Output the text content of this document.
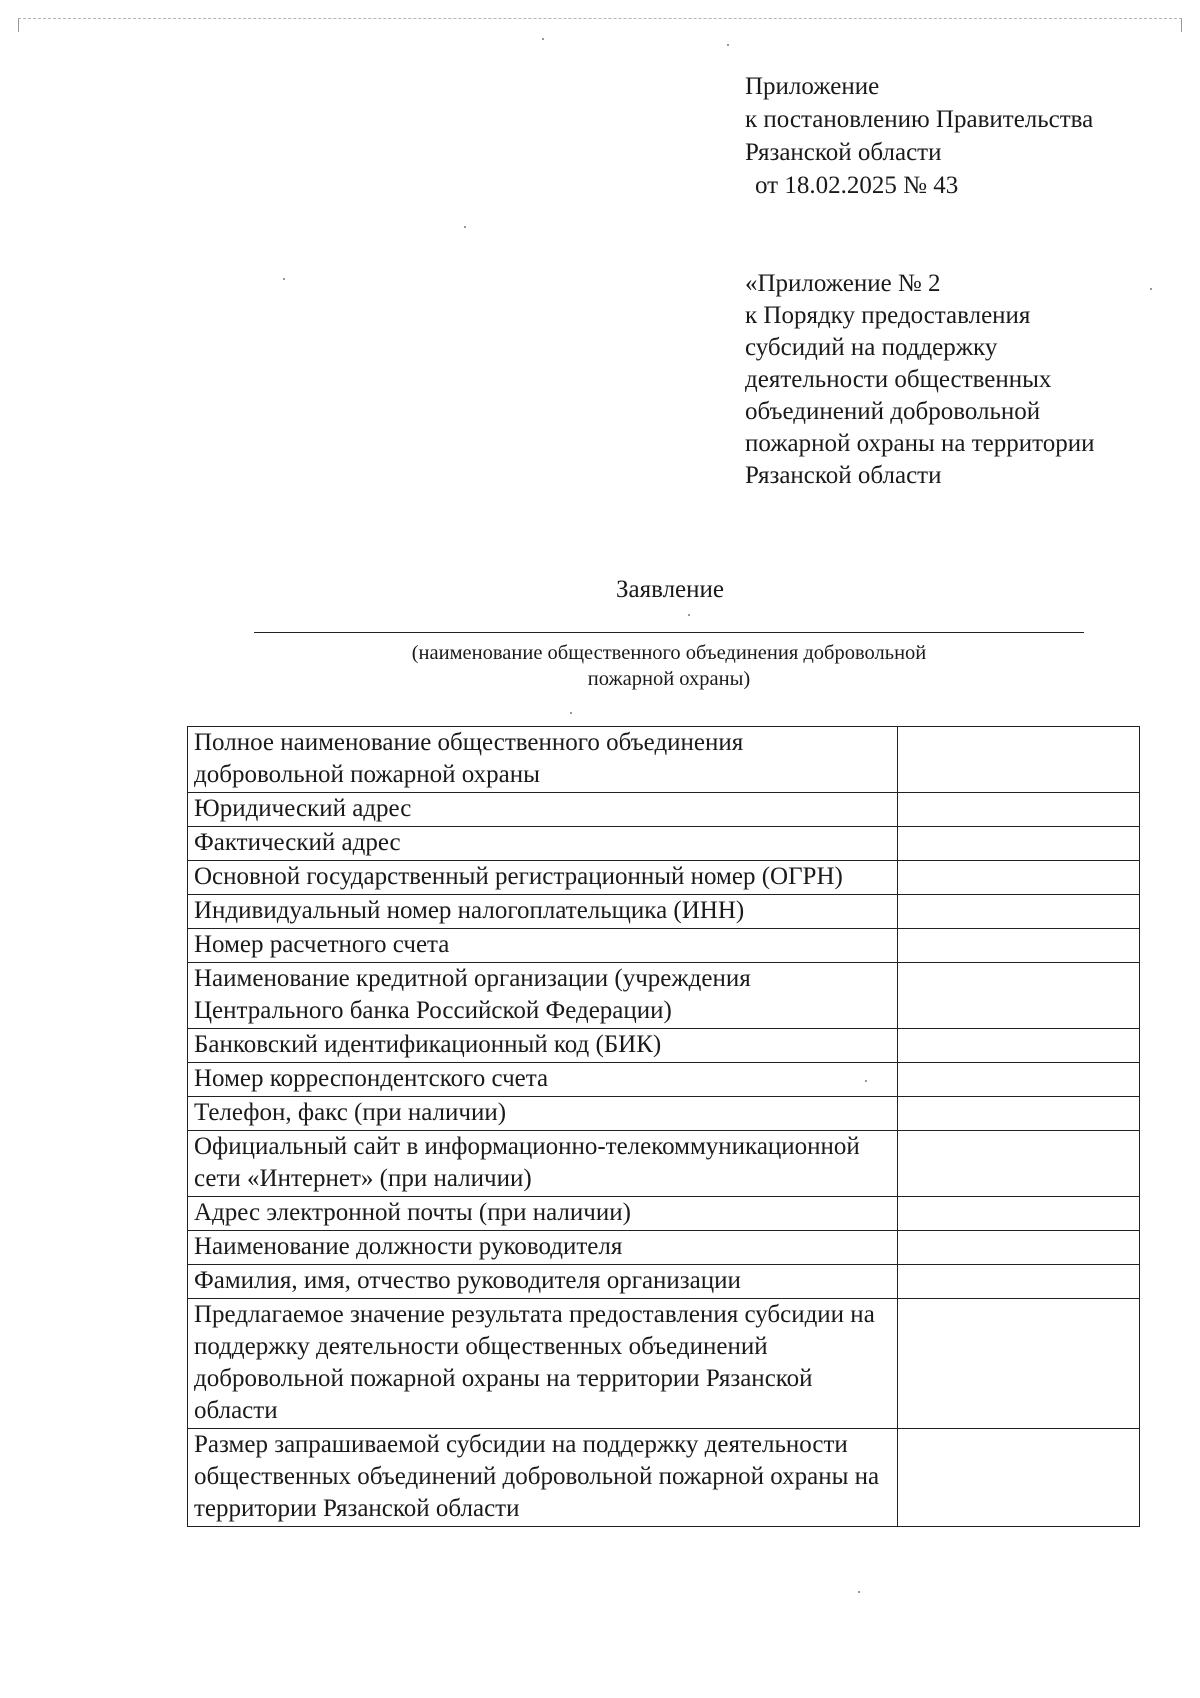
Приложение
к постановлению Правительства
Рязанской области
от 18.02.2025 № 43
«Приложение № 2
к Порядку предоставления
субсидий на поддержку
деятельности общественных
объединений добровольной
пожарной охраны на территории
Рязанской области
Заявление
(наименование общественного объединения добровольной
пожарной охраны)
Полное наименование общественного объединения добровольной пожарной охраны	
Юридический адрес	
Фактический адрес	
Основной государственный регистрационный номер (ОГРН)	
Индивидуальный номер налогоплательщика (ИНН)	
Номер расчетного счета	
Наименование кредитной организации (учреждения Центрального банка Российской Федерации)	
Банковский идентификационный код (БИК)	
Номер корреспондентского счета	
Телефон, факс (при наличии)	
Официальный сайт в информационно-телекоммуникационной сети «Интернет» (при наличии)	
Адрес электронной почты (при наличии)	
Наименование должности руководителя	
Фамилия, имя, отчество руководителя организации	
Предлагаемое значение результата предоставления субсидии на поддержку деятельности общественных объединений добровольной пожарной охраны на территории Рязанской области	
Размер запрашиваемой субсидии на поддержку деятельности общественных объединений добровольной пожарной охраны на территории Рязанской области	
